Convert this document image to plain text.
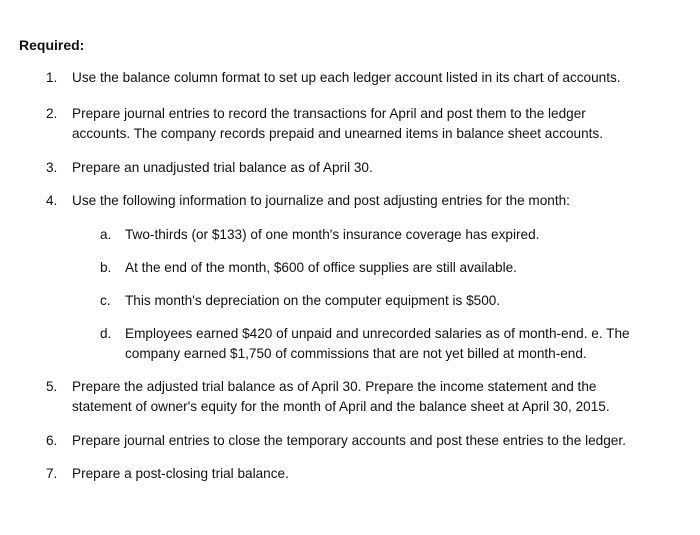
Required:
1.	Use the balance column format to set up each ledger account listed in its chart of accounts.
2.	Prepare journal entries to record the transactions for April and post them to the ledger
accounts. The company records prepaid and unearned items in balance sheet accounts.
3.	Prepare an unadjusted trial balance as of April 30.
4.	Use the following information to journalize and post adjusting entries for the month:
a.	Two-thirds (or $133) of one month's insurance coverage has expired.
b.	At the end of the month, $600 of office supplies are still available.
c.	This month's depreciation on the computer equipment is $500.
d.	Employees earned $420 of unpaid and unrecorded salaries as of month-end. e. The
company earned $1,750 of commissions that are not yet billed at month-end.
5.	Prepare the adjusted trial balance as of April 30. Prepare the income statement and the
statement of owner's equity for the month of April and the balance sheet at April 30, 2015.
6.	Prepare journal entries to close the temporary accounts and post these entries to the ledger.
7.	Prepare a post-closing trial balance.
